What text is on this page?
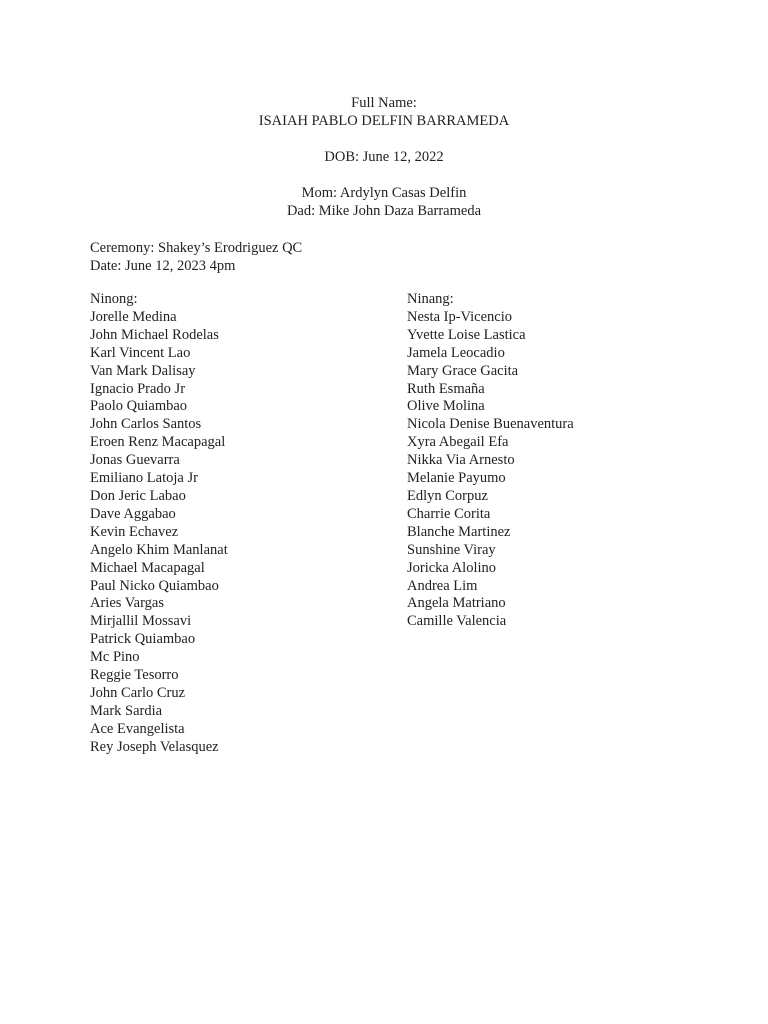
Full Name:
ISAIAH PABLO DELFIN BARRAMEDA
DOB: June 12, 2022
Mom: Ardylyn Casas Delfin
Dad: Mike John Daza Barrameda
Ceremony: Shakey’s Erodriguez QC
Date: June 12, 2023 4pm
Ninong:
Jorelle Medina
John Michael Rodelas
Karl Vincent Lao
Van Mark Dalisay
Ignacio Prado Jr
Paolo Quiambao
John Carlos Santos
Eroen Renz Macapagal
Jonas Guevarra
Emiliano Latoja Jr
Don Jeric Labao
Dave Aggabao
Kevin Echavez
Angelo Khim Manlanat
Michael Macapagal
Paul Nicko Quiambao
Aries Vargas
Mirjallil Mossavi
Patrick Quiambao
Mc Pino
Reggie Tesorro
John Carlo Cruz
Mark Sardia
Ace Evangelista
Rey Joseph Velasquez
Ninang:
Nesta Ip-Vicencio
Yvette Loise Lastica
Jamela Leocadio
Mary Grace Gacita
Ruth Esmaña
Olive Molina
Nicola Denise Buenaventura
Xyra Abegail Efa
Nikka Via Arnesto
Melanie Payumo
Edlyn Corpuz
Charrie Corita
Blanche Martinez
Sunshine Viray
Joricka Alolino
Andrea Lim
Angela Matriano
Camille Valencia
